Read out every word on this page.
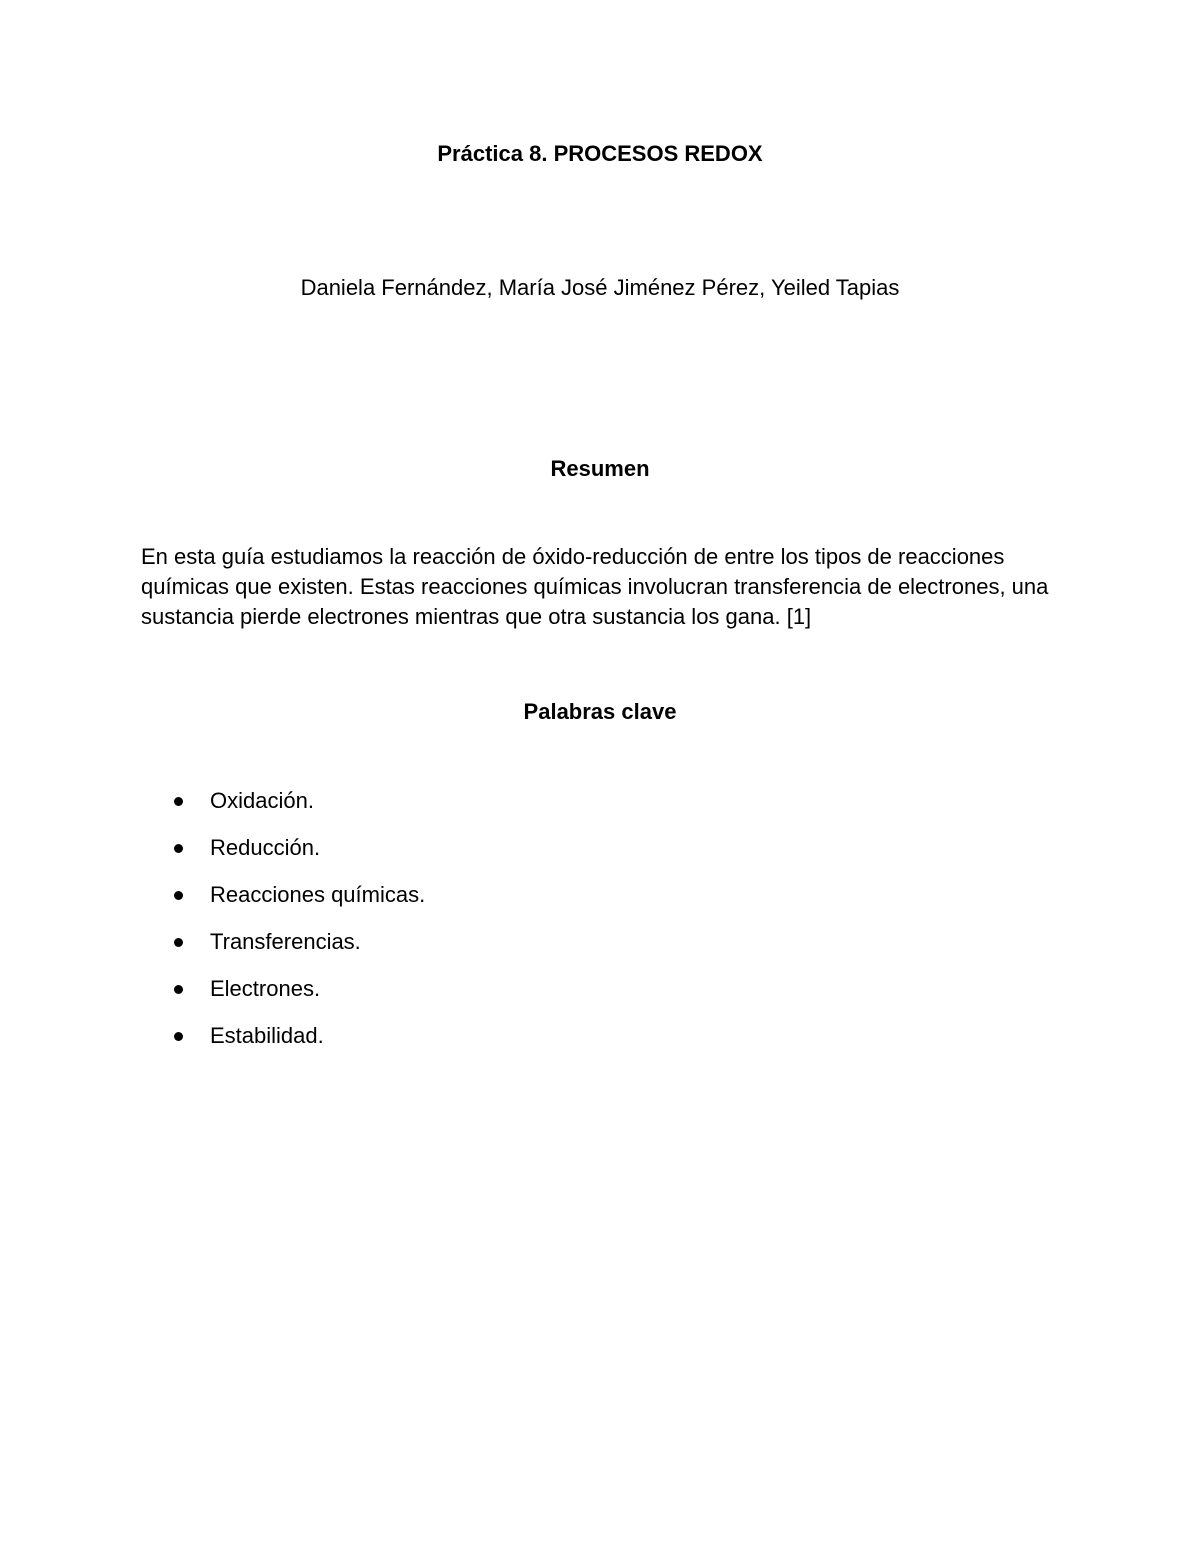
Práctica 8. PROCESOS REDOX
Daniela Fernández, María José Jiménez Pérez, Yeiled Tapias
Resumen

En esta guía estudiamos la reacción de óxido-reducción de entre los tipos de reacciones químicas que existen. Estas reacciones químicas involucran transferencia de electrones, una sustancia pierde electrones mientras que otra sustancia los gana. [1]

Palabras clave
Oxidación.
Reducción.
Reacciones químicas.
Transferencias.
Electrones.
Estabilidad.
